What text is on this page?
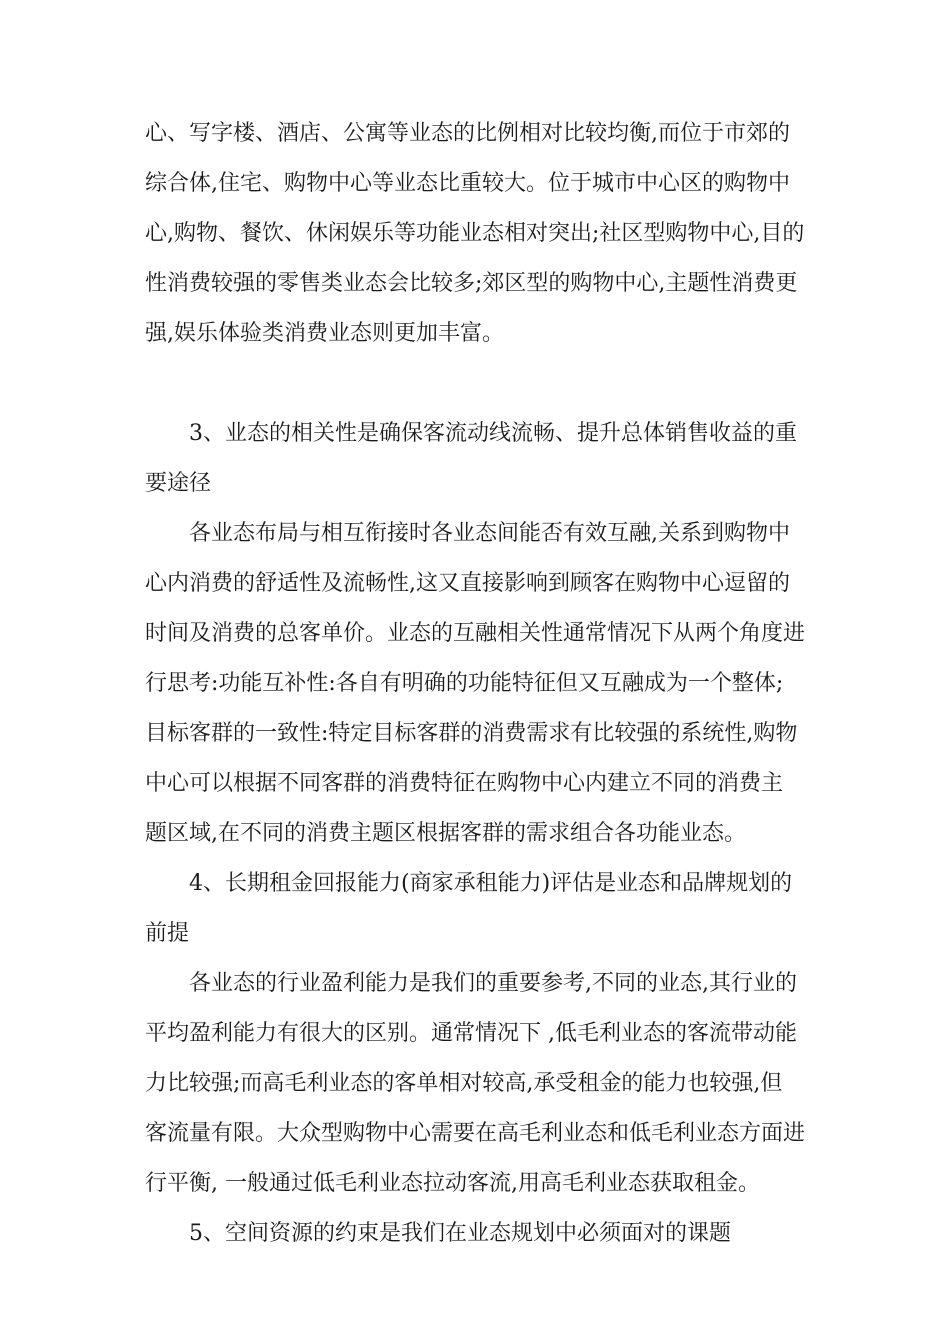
心、写字楼、酒店、公寓等业态的比例相对比较均衡,而位于市郊的
综合体,住宅、购物中心等业态比重较大。位于城市中心区的购物中
心,购物、餐饮、休闲娱乐等功能业态相对突出;社区型购物中心,目的
性消费较强的零售类业态会比较多;郊区型的购物中心,主题性消费更
强,娱乐体验类消费业态则更加丰富。
3、业态的相关性是确保客流动线流畅、提升总体销售收益的重
要途径
各业态布局与相互衔接时各业态间能否有效互融,关系到购物中
心内消费的舒适性及流畅性,这又直接影响到顾客在购物中心逗留的
时间及消费的总客单价。业态的互融相关性通常情况下从两个角度进
行思考:功能互补性:各自有明确的功能特征但又互融成为一个整体;
目标客群的一致性:特定目标客群的消费需求有比较强的系统性,购物
中心可以根据不同客群的消费特征在购物中心内建立不同的消费主
题区域,在不同的消费主题区根据客群的需求组合各功能业态。
4、长期租金回报能力(商家承租能力)评估是业态和品牌规划的
前提
各业态的行业盈利能力是我们的重要参考,不同的业态,其行业的
平均盈利能力有很大的区别。通常情况下 ,低毛利业态的客流带动能
力比较强;而高毛利业态的客单相对较高,承受租金的能力也较强,但
客流量有限。大众型购物中心需要在高毛利业态和低毛利业态方面进
行平衡, 一般通过低毛利业态拉动客流,用高毛利业态获取租金。
5、空间资源的约束是我们在业态规划中必须面对的课题
